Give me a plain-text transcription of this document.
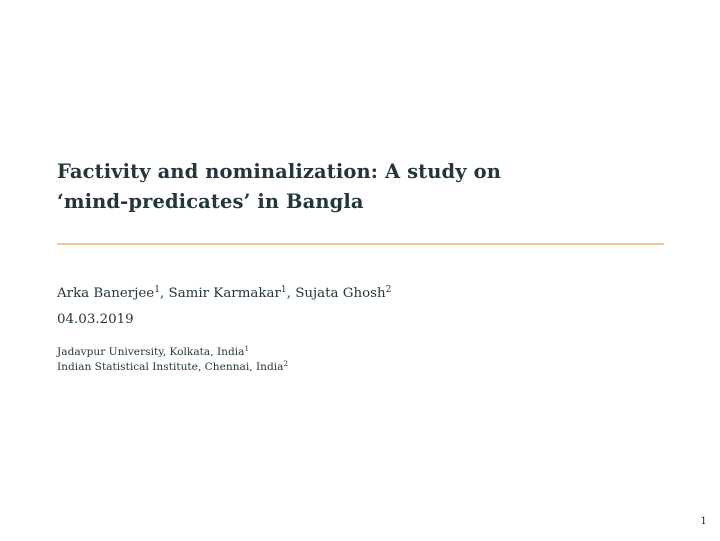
Factivity and nominalization: A study on
‘mind-predicates’ in Bangla
Arka Banerjee$^1$, Samir Karmakar$^1$, Sujata Ghosh$^2$
04.03.2019
Jadavpur University, Kolkata, India$^1$
Indian Statistical Institute, Chennai, India$^2$
1
